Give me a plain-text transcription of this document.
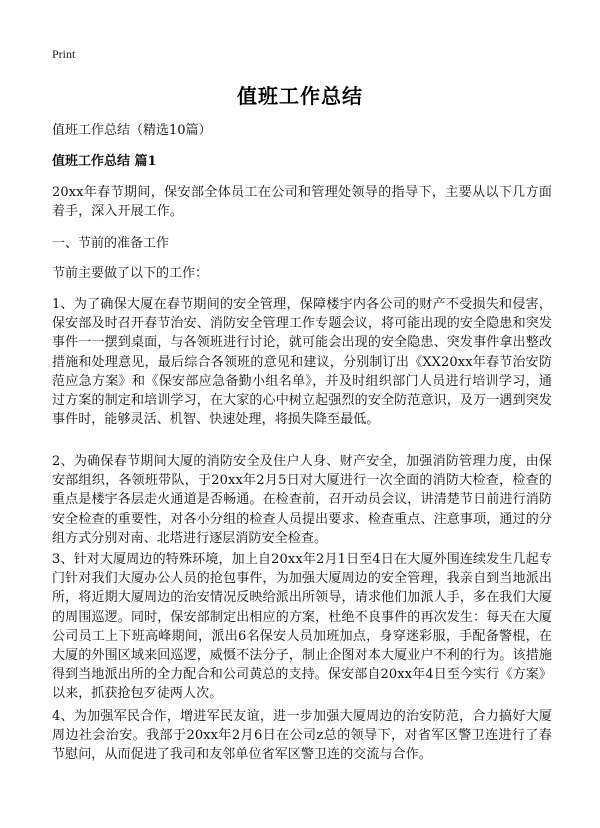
Print
值班工作总结

值班工作总结（精选10篇）

值班工作总结 篇1

20xx年春节期间，保安部全体员工在公司和管理处领导的指导下，主要从以下几方面着手，深入开展工作。

一、节前的准备工作

节前主要做了以下的工作：

1、为了确保大厦在春节期间的安全管理，保障楼宇内各公司的财产不受损失和侵害，保安部及时召开春节治安、消防安全管理工作专题会议，将可能出现的安全隐患和突发事件一一摆到桌面，与各领班进行讨论，就可能会出现的安全隐患、突发事件拿出整改措施和处理意见，最后综合各领班的意见和建议，分别制订出《XX20xx年春节治安防范应急方案》和《保安部应急备勤小组名单》，并及时组织部门人员进行培训学习，通过方案的制定和培训学习，在大家的心中树立起强烈的安全防范意识，及万一遇到突发事件时，能够灵活、机智、快速处理，将损失降至最低。

2、为确保春节期间大厦的消防安全及住户人身、财产安全，加强消防管理力度，由保安部组织，各领班带队，于20xx年2月5日对大厦进行一次全面的消防大检查，检查的重点是楼宇各层走火通道是否畅通。在检查前，召开动员会议，讲清楚节日前进行消防安全检查的重要性，对各小分组的检查人员提出要求、检查重点、注意事项，通过的分组方式分别对南、北塔进行逐层消防安全检查。

3、针对大厦周边的特殊环境，加上自20xx年2月1日至4日在大厦外围连续发生几起专门针对我们大厦办公人员的抢包事件，为加强大厦周边的安全管理，我亲自到当地派出所，将近期大厦周边的治安情况反映给派出所领导，请求他们加派人手，多在我们大厦的周围巡逻。同时，保安部制定出相应的方案，杜绝不良事件的再次发生：每天在大厦公司员工上下班高峰期间，派出6名保安人员加班加点，身穿迷彩服，手配备警棍，在大厦的外围区域来回巡逻，威慑不法分子，制止企图对本大厦业户不利的行为。该措施得到当地派出所的全力配合和公司黄总的支持。保安部自20xx年4日至今实行《方案》以来，抓获抢包歹徒两人次。

4、为加强军民合作，增进军民友谊，进一步加强大厦周边的治安防范，合力搞好大厦周边社会治安。我部于20xx年2月6日在公司z总的领导下，对省军区警卫连进行了春节慰问，从而促进了我司和友邻单位省军区警卫连的交流与合作。
